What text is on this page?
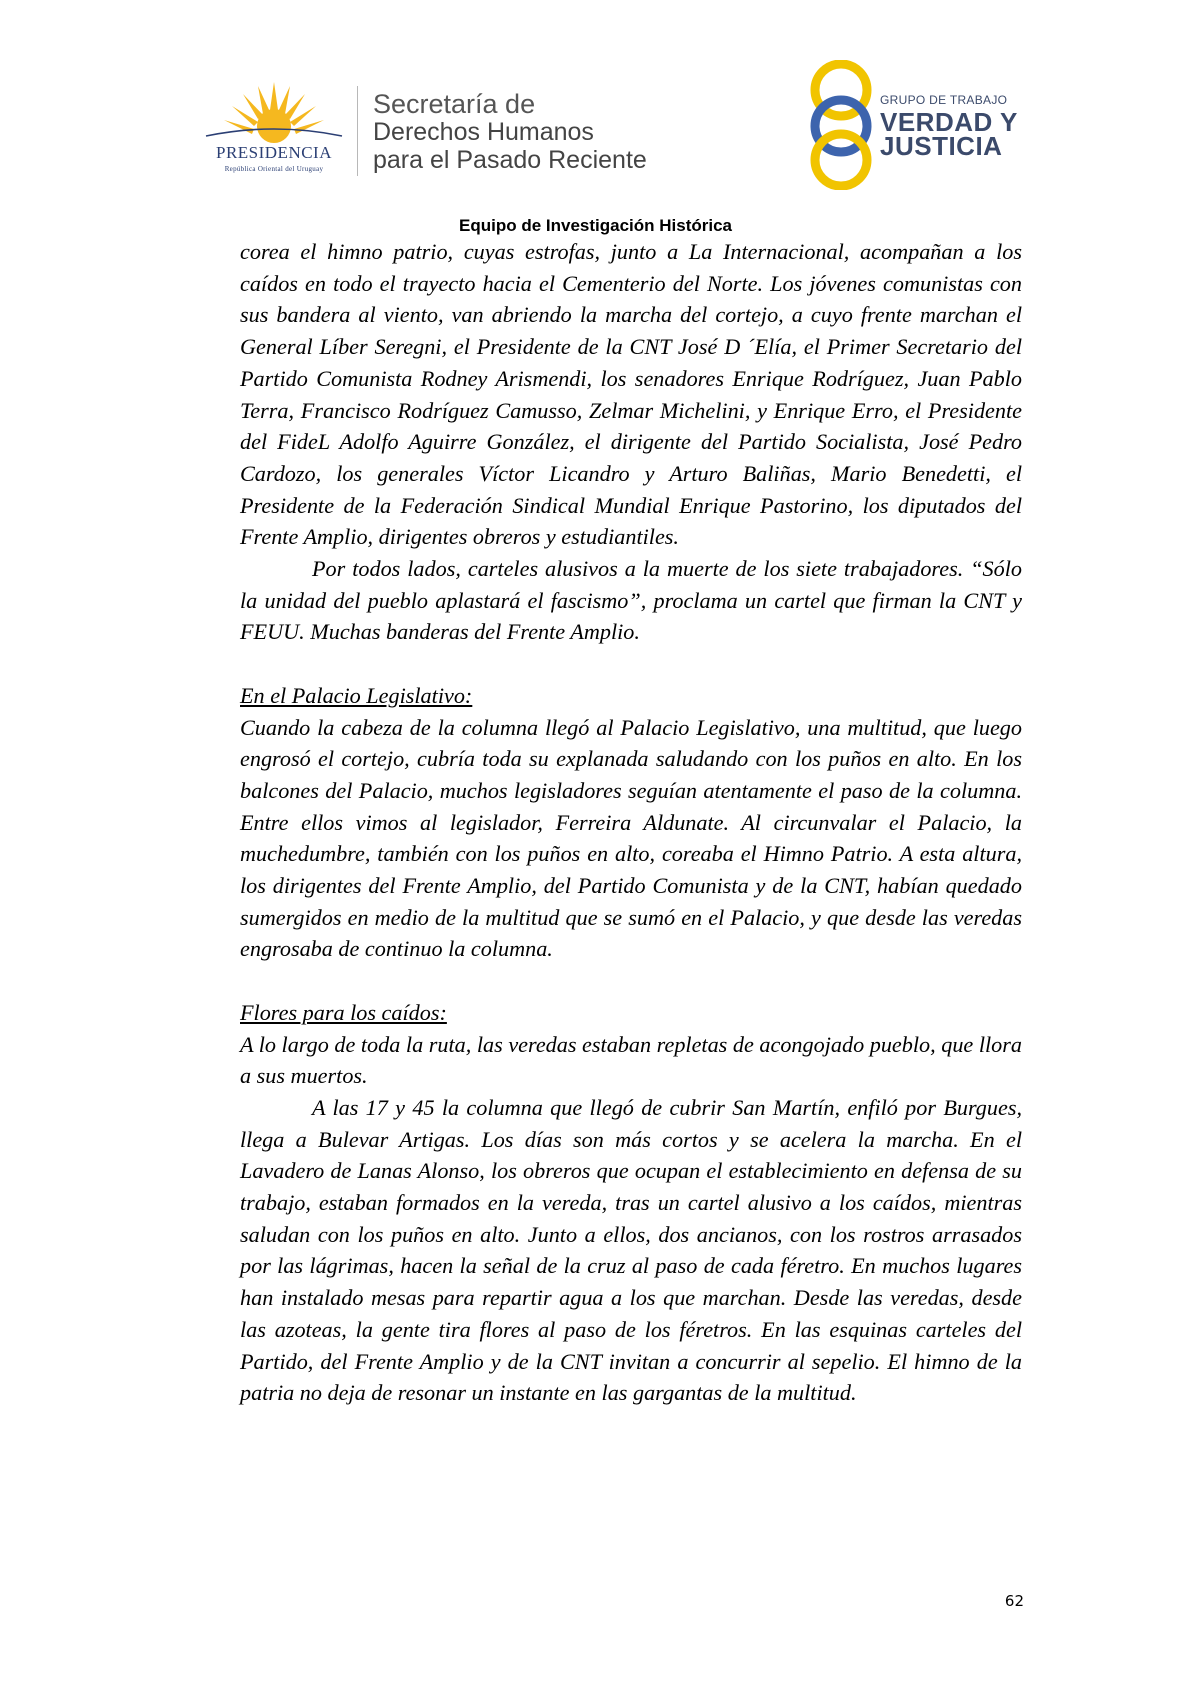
PRESIDENCIA
República Oriental del Uruguay
Secretaría de
Derechos Humanos
para el Pasado Reciente
GRUPO DE TRABAJO
VERDAD Y
JUSTICIA
Equipo de Investigación Histórica

corea el himno patrio, cuyas estrofas, junto a La Internacional, acompañan a los caídos en todo el trayecto hacia el Cementerio del Norte. Los jóvenes comunistas con sus bandera al viento, van abriendo la marcha del cortejo, a cuyo frente marchan el General Líber Seregni, el Presidente de la CNT José D ´Elía, el Primer Secretario del Partido Comunista Rodney Arismendi, los senadores Enrique Rodríguez, Juan Pablo Terra, Francisco Rodríguez Camusso, Zelmar Michelini, y Enrique Erro, el Presidente del FideL Adolfo Aguirre González, el dirigente del Partido Socialista, José Pedro Cardozo, los generales Víctor Licandro y Arturo Baliñas, Mario Benedetti, el Presidente de la Federación Sindical Mundial Enrique Pastorino, los diputados del Frente Amplio, dirigentes obreros y estudiantiles.

Por todos lados, carteles alusivos a la muerte de los siete trabajadores. “Sólo la unidad del pueblo aplastará el fascismo”, proclama un cartel que firman la CNT y FEUU. Muchas banderas del Frente Amplio.

En el Palacio Legislativo:

Cuando la cabeza de la columna llegó al Palacio Legislativo, una multitud, que luego engrosó el cortejo, cubría toda su explanada saludando con los puños en alto. En los balcones del Palacio, muchos legisladores seguían atentamente el paso de la columna. Entre ellos vimos al legislador, Ferreira Aldunate. Al circunvalar el Palacio, la muchedumbre, también con los puños en alto, coreaba el Himno Patrio. A esta altura, los dirigentes del Frente Amplio, del Partido Comunista y de la CNT, habían quedado sumergidos en medio de la multitud que se sumó en el Palacio, y que desde las veredas engrosaba de continuo la columna.

Flores para los caídos:

A lo largo de toda la ruta, las veredas estaban repletas de acongojado pueblo, que llora a sus muertos.

A las 17 y 45 la columna que llegó de cubrir San Martín, enfiló por Burgues, llega a Bulevar Artigas. Los días son más cortos y se acelera la marcha. En el Lavadero de Lanas Alonso, los obreros que ocupan el establecimiento en defensa de su trabajo, estaban formados en la vereda, tras un cartel alusivo a los caídos, mientras saludan con los puños en alto. Junto a ellos, dos ancianos, con los rostros arrasados por las lágrimas, hacen la señal de la cruz al paso de cada féretro. En muchos lugares han instalado mesas para repartir agua a los que marchan. Desde las veredas, desde las azoteas, la gente tira flores al paso de los féretros. En las esquinas carteles del Partido, del Frente Amplio y de la CNT invitan a concurrir al sepelio. El himno de la patria no deja de resonar un instante en las gargantas de la multitud.

62
